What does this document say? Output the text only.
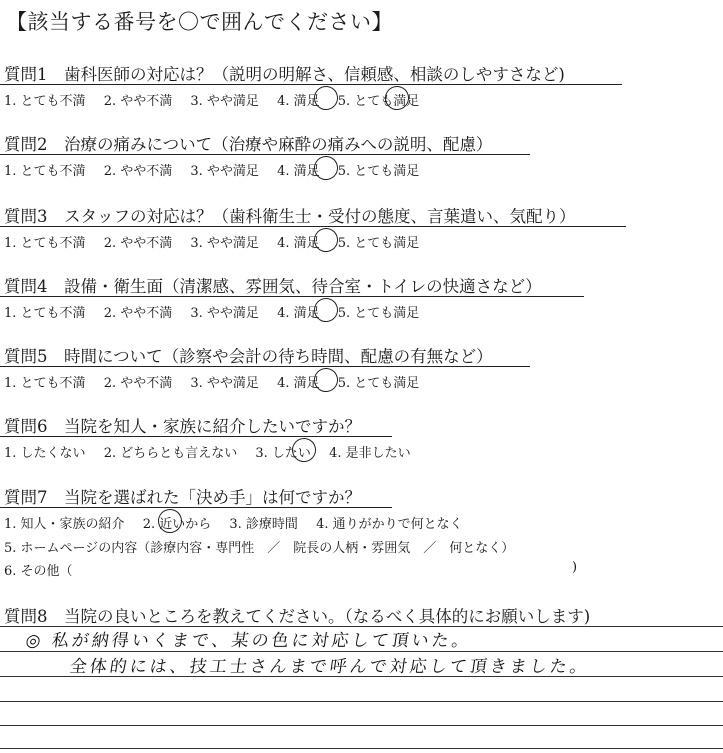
【該当する番号を〇で囲んでください】
質問1　歯科医師の対応は？（説明の明解さ、信頼感、相談のしやすさなど)
1. とても不満 2. やや不満 3. やや満足 4. 満足 5. とても満足
質問2　治療の痛みについて（治療や麻酔の痛みへの説明、配慮）
1. とても不満 2. やや不満 3. やや満足 4. 満足 5. とても満足
質問3　スタッフの対応は？（歯科衛生士・受付の態度、言葉遣い、気配り）
1. とても不満 2. やや不満 3. やや満足 4. 満足 5. とても満足
質問4　設備・衛生面（清潔感、雰囲気、待合室・トイレの快適さなど）
1. とても不満 2. やや不満 3. やや満足 4. 満足 5. とても満足
質問5　時間について（診察や会計の待ち時間、配慮の有無など）
1. とても不満 2. やや不満 3. やや満足 4. 満足 5. とても満足
質問6　当院を知人・家族に紹介したいですか？
1. したくない 2. どちらとも言えない 3. したい 4. 是非したい
質問7　当院を選ばれた「決め手」は何ですか？
1. 知人・家族の紹介 2. 近いから 3. 診療時間 4. 通りがかりで何となく
5. ホームページの内容（診療内容・専門性　／　院長の人柄・雰囲気　／　何となく）
6. その他（	)
質問8　当院の良いところを教えてください。（なるべく具体的にお願いします)
◎ 私が納得いくまで、某の色に対応して頂いた。
全体的には、技工士さんまで呼んで対応して頂きました。
